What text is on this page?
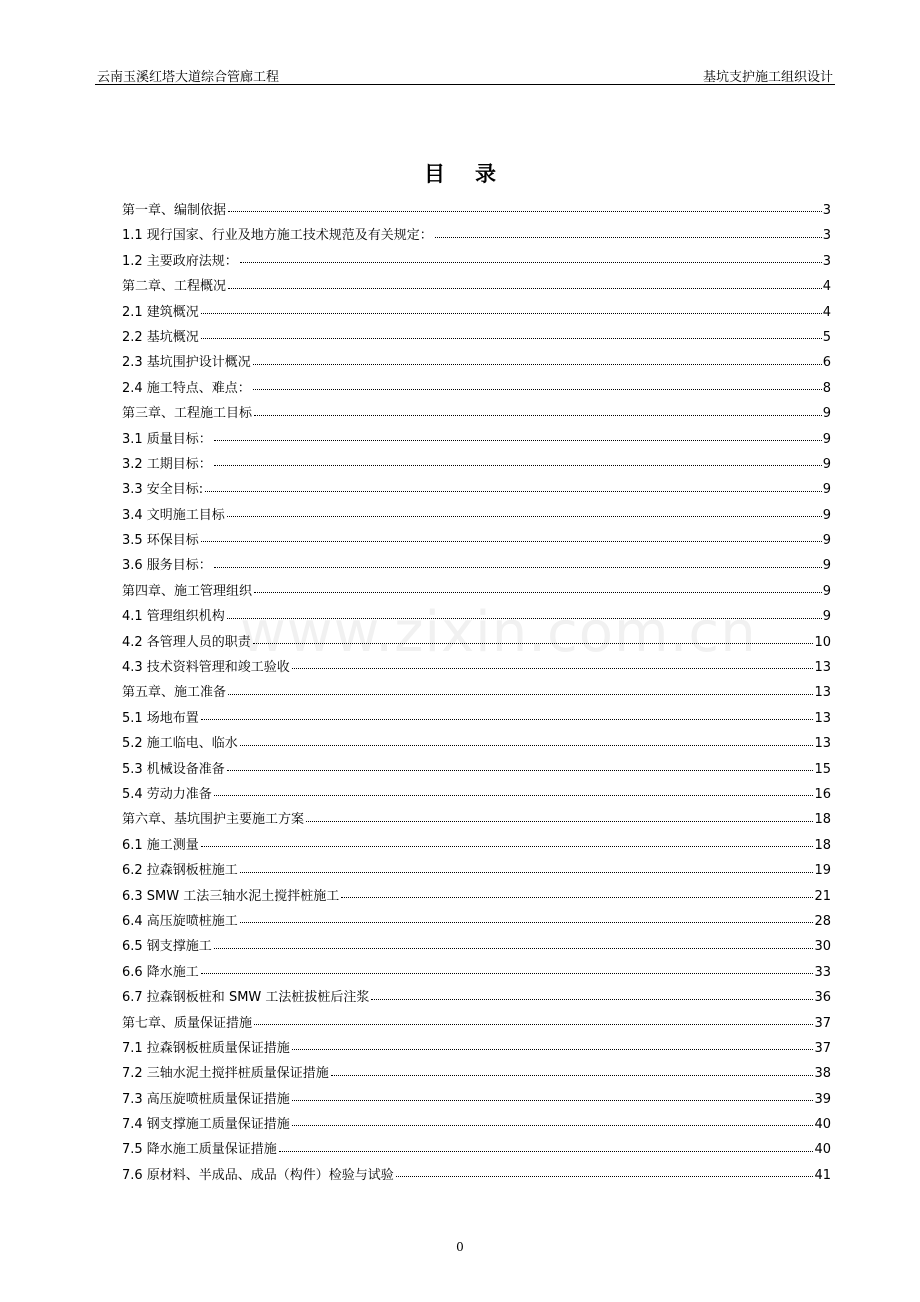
云南玉溪红塔大道综合管廊工程	基坑支护施工组织设计
目 录
www.zixin.com.cn
第一章、编制依据	3
1.1 现行国家、行业及地方施工技术规范及有关规定：	3
1.2 主要政府法规：	3
第二章、工程概况	4
2.1 建筑概况	4
2.2 基坑概况	5
2.3 基坑围护设计概况	6
2.4 施工特点、难点：	8
第三章、工程施工目标	9
3.1 质量目标：	9
3.2 工期目标：	9
3.3 安全目标:	9
3.4 文明施工目标	9
3.5 环保目标	9
3.6 服务目标：	9
第四章、施工管理组织	9
4.1 管理组织机构	9
4.2 各管理人员的职责	10
4.3 技术资料管理和竣工验收	13
第五章、施工准备	13
5.1 场地布置	13
5.2 施工临电、临水	13
5.3 机械设备准备	15
5.4 劳动力准备	16
第六章、基坑围护主要施工方案	18
6.1 施工测量	18
6.2 拉森钢板桩施工	19
6.3 SMW 工法三轴水泥土搅拌桩施工	21
6.4 高压旋喷桩施工	28
6.5 钢支撑施工	30
6.6 降水施工	33
6.7 拉森钢板桩和 SMW 工法桩拔桩后注浆	36
第七章、质量保证措施	37
7.1 拉森钢板桩质量保证措施	37
7.2 三轴水泥土搅拌桩质量保证措施	38
7.3 高压旋喷桩质量保证措施	39
7.4 钢支撑施工质量保证措施	40
7.5 降水施工质量保证措施	40
7.6 原材料、半成品、成品（构件）检验与试验	41
0
